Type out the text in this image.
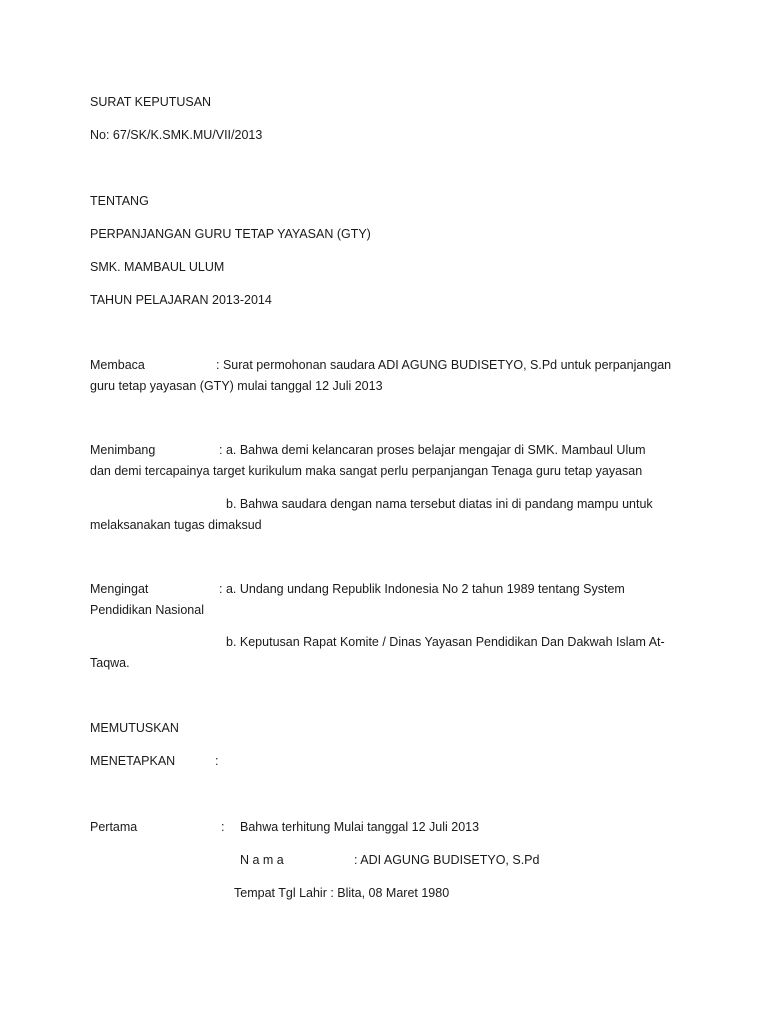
SURAT KEPUTUSAN
No: 67/SK/K.SMK.MU/VII/2013
TENTANG
PERPANJANGAN GURU TETAP YAYASAN (GTY)
SMK. MAMBAUL ULUM
TAHUN PELAJARAN 2013-2014
Membaca	: Surat permohonan saudara ADI AGUNG BUDISETYO, S.Pd untuk perpanjangan
guru tetap yayasan (GTY) mulai tanggal 12 Juli 2013
Menimbang	: a. Bahwa demi kelancaran proses belajar mengajar di SMK. Mambaul Ulum
dan demi tercapainya target kurikulum maka sangat perlu perpanjangan Tenaga guru tetap yayasan
b. Bahwa saudara dengan nama tersebut diatas ini di pandang mampu untuk
melaksanakan tugas dimaksud
Mengingat	: a. Undang undang Republik Indonesia No 2 tahun 1989 tentang System
Pendidikan Nasional
b. Keputusan Rapat Komite / Dinas Yayasan Pendidikan Dan Dakwah Islam At-
Taqwa.
MEMUTUSKAN
MENETAPKAN	:
Pertama	: Bahwa terhitung Mulai tanggal 12 Juli 2013
N a m a	: ADI AGUNG BUDISETYO, S.Pd
Tempat Tgl Lahir : Blita, 08 Maret 1980
